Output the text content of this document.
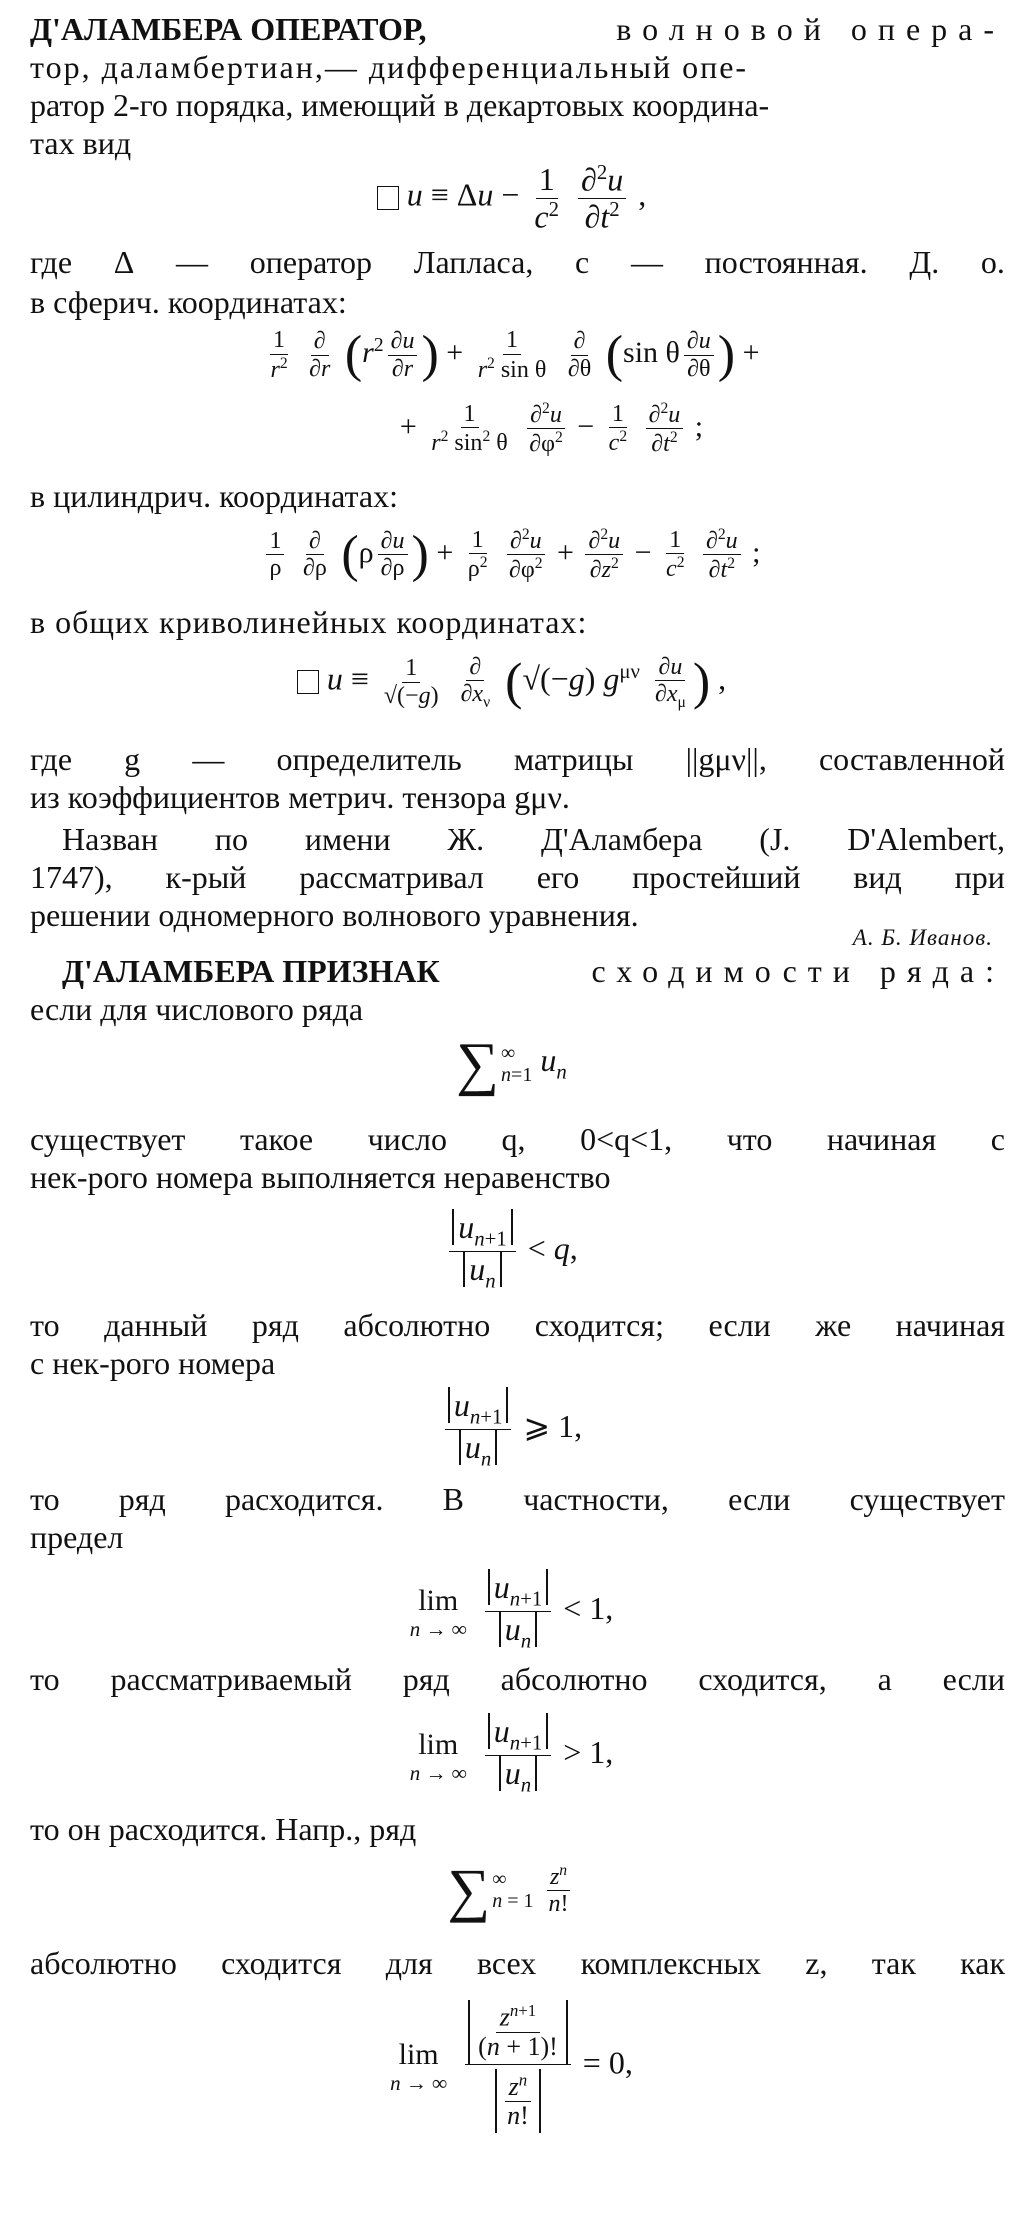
Д'АЛАМБЕРА ОПЕРАТОР,	волновой опера-
тор, даламбертиан,— дифференциальный опе-
ратор 2-го порядка, имеющий в декартовых координа-
тах вид
$u \equiv \Delta u - \frac{1}{c^2}$
$\frac{\partial^2u}{\partial t^2}$ ,
где Δ — оператор Лапласа, c — постоянная. Д. о.
в сферич. координатах:
$\frac{1}{r^2}$
∂
∂r ($r^2 \frac{\partial u}{\partial r}$ ) + $\frac{1}{r^2 \sin \theta}$
∂
∂θ (sin θ $\frac{\partial u}{\partial\theta}$ ) +
+ $\frac{1}{r^2 \sin^2 \theta}$
$\frac{\partial^2u}{\partial\varphi^2} - \frac{1}{c^2}$
$\frac{\partial^2u}{\partial t^2}$ ;
в цилиндрич. координатах:
$\frac{1}{\rho}$
∂
∂ρ ($\rho \frac{\partial u}{\partial\rho}$ ) + $\frac{1}{\rho^2}$
$\frac{\partial^2u}{\partial\varphi^2} + \frac{\partial^2u}{\partial z^2} - \frac{1}{c^2}$
$\frac{\partial^2u}{\partial t^2}$ ;
в общих криволинейных координатах:
$u \equiv \frac{1}{√(-g)}$
∂
$\partial x_\nu$ (√(−g) $g^{\mu\nu} \frac{\partial u}{\partial x_\mu}$ ) ,
где g — определитель матрицы ||gμν||, составленной
из коэффициентов метрич. тензора gμν.
Назван по имени Ж. Д'Аламбера (J. D'Alembert,
1747), к-рый рассматривал его простейший вид при
решении одномерного волнового уравнения.
А. Б. Иванов.
Д'АЛАМБЕРА ПРИЗНАК	сходимости ряда:
если для числового ряда
∑ ∞
n=1 $u_n$
существует такое число q, 0<q<1, что начиная с
нек-рого номера выполняется неравенство
$\frac{u_{n+1}}{u_n} < q$,
то данный ряд абсолютно сходится; если же начиная
с нек-рого номера
$\frac{u_{n+1}}{u_n}$ ⩾ 1,
то ряд расходится. В частности, если существует
предел
lim
n → ∞
$\frac{u_{n+1}}{u_n} < 1$,
то рассматриваемый ряд абсолютно сходится, а если
lim
n → ∞
$\frac{u_{n+1}}{u_n} > 1$,
то он расходится. Напр., ряд
∑ ∞
n = 1
$\frac{z^n}{n!}$
абсолютно сходится для всех комплексных z, так как
lim
n → ∞

$\frac{z^{n+1}}{(n + 1)!}$
$\frac{z^n}{n!}$
= 0,
